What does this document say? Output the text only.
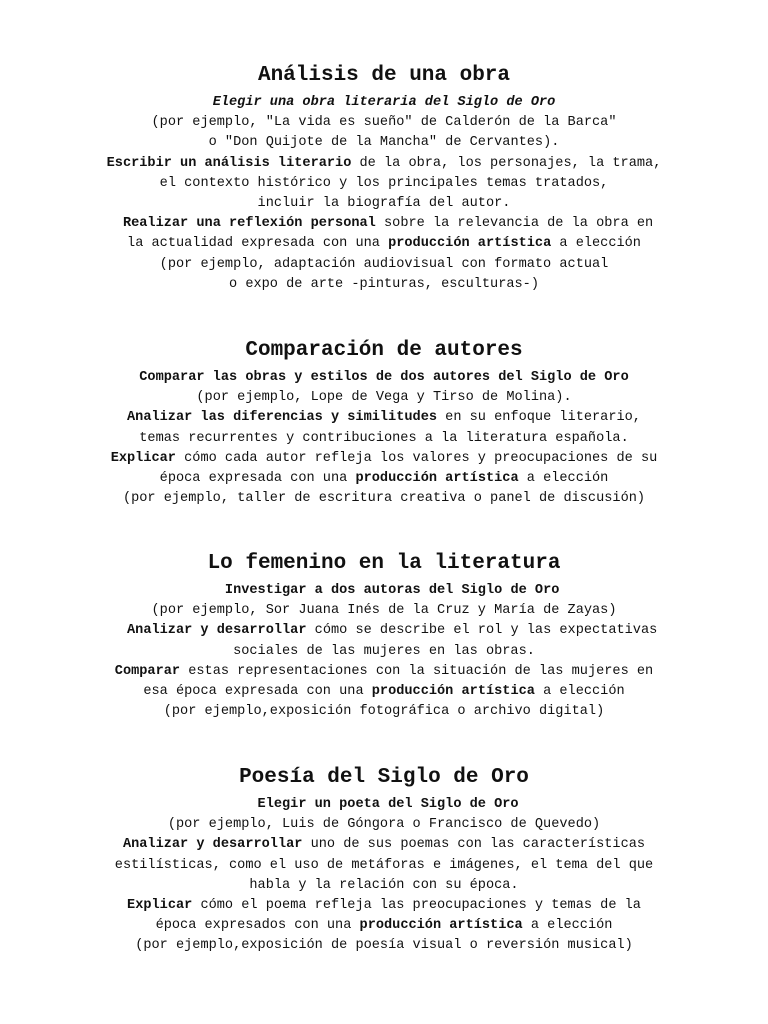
Análisis de una obra
Elegir una obra literaria del Siglo de Oro
(por ejemplo, "La vida es sueño" de Calderón de la Barca"
o "Don Quijote de la Mancha" de Cervantes).
Escribir un análisis literario de la obra, los personajes, la trama,
el contexto histórico y los principales temas tratados,
incluir la biografía del autor.
Realizar una reflexión personal sobre la relevancia de la obra en
la actualidad expresada con una producción artística a elección
(por ejemplo, adaptación audiovisual con formato actual
o expo de arte -pinturas, esculturas-)
Comparación de autores
Comparar las obras y estilos de dos autores del Siglo de Oro
(por ejemplo, Lope de Vega y Tirso de Molina).
Analizar las diferencias y similitudes en su enfoque literario,
temas recurrentes y contribuciones a la literatura española.
Explicar cómo cada autor refleja los valores y preocupaciones de su
época expresada con una producción artística a elección
(por ejemplo, taller de escritura creativa o panel de discusión)
Lo femenino en la literatura
Investigar a dos autoras del Siglo de Oro
(por ejemplo, Sor Juana Inés de la Cruz y María de Zayas)
Analizar y desarrollar cómo se describe el rol y las expectativas
sociales de las mujeres en las obras.
Comparar estas representaciones con la situación de las mujeres en
esa época expresada con una producción artística a elección
(por ejemplo,exposición fotográfica o archivo digital)
Poesía del Siglo de Oro
Elegir un poeta del Siglo de Oro
(por ejemplo, Luis de Góngora o Francisco de Quevedo)
Analizar y desarrollar uno de sus poemas con las características
estilísticas, como el uso de metáforas e imágenes, el tema del que
habla y la relación con su época.
Explicar cómo el poema refleja las preocupaciones y temas de la
época expresados con una producción artística a elección
(por ejemplo,exposición de poesía visual o reversión musical)
